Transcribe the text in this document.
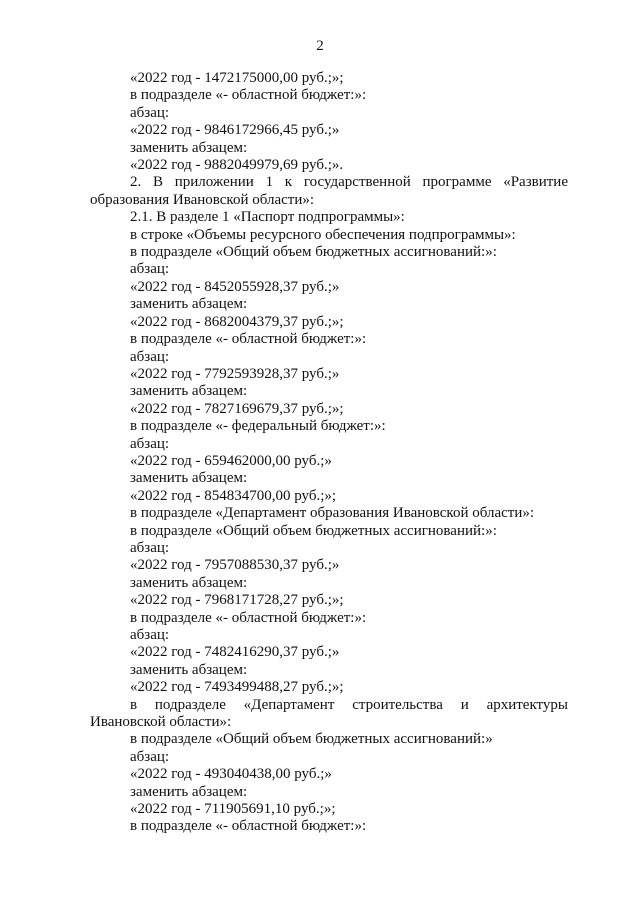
2
«2022 год - 1472175000,00 руб.;»;
в подразделе «- областной бюджет:»:
абзац:
«2022 год - 9846172966,45 руб.;»
заменить абзацем:
«2022 год - 9882049979,69 руб.;».
2. В приложении 1 к государственной программе «Развитие
образования Ивановской области»:
2.1. В разделе 1 «Паспорт подпрограммы»:
в строке «Объемы ресурсного обеспечения подпрограммы»:
в подразделе «Общий объем бюджетных ассигнований:»:
абзац:
«2022 год - 8452055928,37 руб.;»
заменить абзацем:
«2022 год - 8682004379,37 руб.;»;
в подразделе «- областной бюджет:»:
абзац:
«2022 год - 7792593928,37 руб.;»
заменить абзацем:
«2022 год - 7827169679,37 руб.;»;
в подразделе «- федеральный бюджет:»:
абзац:
«2022 год - 659462000,00 руб.;»
заменить абзацем:
«2022 год - 854834700,00 руб.;»;
в подразделе «Департамент образования Ивановской области»:
в подразделе «Общий объем бюджетных ассигнований:»:
абзац:
«2022 год - 7957088530,37 руб.;»
заменить абзацем:
«2022 год - 7968171728,27 руб.;»;
в подразделе «- областной бюджет:»:
абзац:
«2022 год - 7482416290,37 руб.;»
заменить абзацем:
«2022 год - 7493499488,27 руб.;»;
в подразделе «Департамент строительства и архитектуры
Ивановской области»:
в подразделе «Общий объем бюджетных ассигнований:»
абзац:
«2022 год - 493040438,00 руб.;»
заменить абзацем:
«2022 год - 711905691,10 руб.;»;
в подразделе «- областной бюджет:»:
